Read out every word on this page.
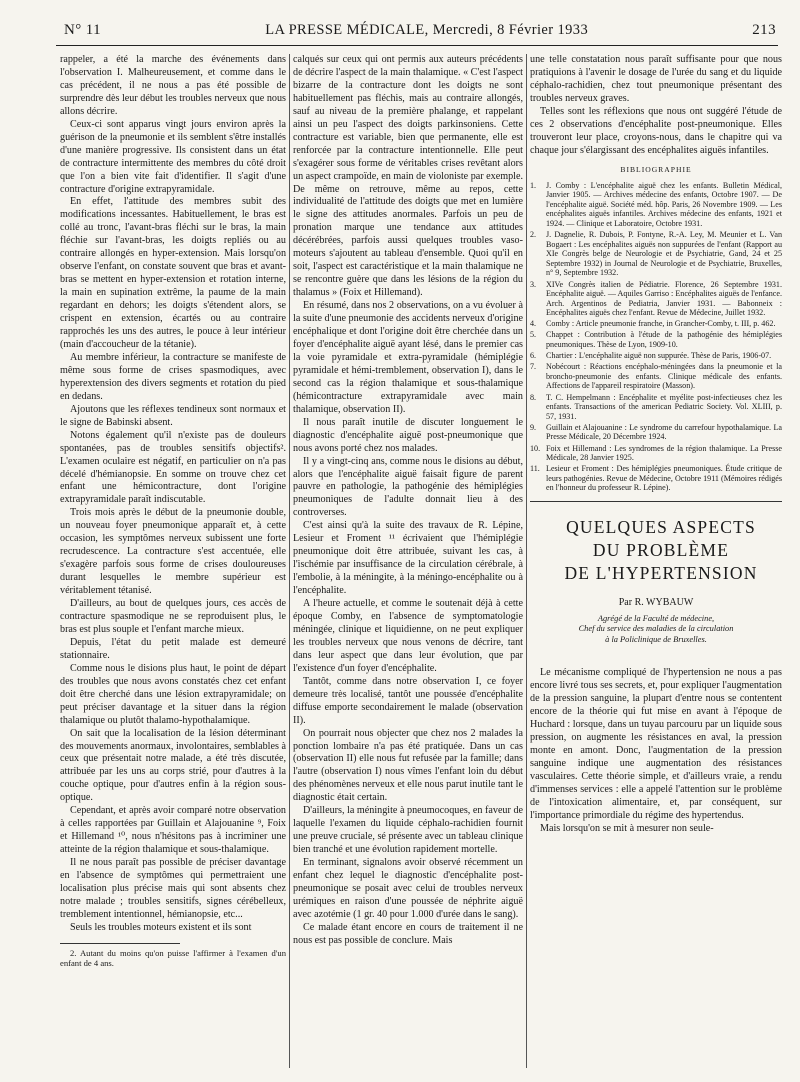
N° 11	LA PRESSE MÉDICALE, Mercredi, 8 Février 1933	213

rappeler, a été la marche des événements dans l'observation I. Malheureusement, et comme dans le cas précédent, il ne nous a pas été possible de surprendre dès leur début les troubles nerveux que nous allons décrire.

Ceux-ci sont apparus vingt jours environ après la guérison de la pneumonie et ils semblent s'être installés d'une manière progressive. Ils consistent dans un état de contracture intermittente des membres du côté droit que l'on a bien vite fait d'identifier. Il s'agit d'une contracture d'origine extrapyramidale.

En effet, l'attitude des membres subit des modifications incessantes. Habituellement, le bras est collé au tronc, l'avant-bras fléchi sur le bras, la main fléchie sur l'avant-bras, les doigts repliés ou au contraire allongés en hyper-extension. Mais lorsqu'on observe l'enfant, on constate souvent que bras et avant-bras se mettent en hyper-extension et rotation interne, la main en supination extrême, la paume de la main regardant en dehors; les doigts s'étendent alors, se crispent en extension, écartés ou au contraire rapprochés les uns des autres, le pouce à leur intérieur (main d'accoucheur de la tétanie).

Au membre inférieur, la contracture se manifeste de même sous forme de crises spasmodiques, avec hyperextension des divers segments et rotation du pied en dedans.

Ajoutons que les réflexes tendineux sont normaux et le signe de Babinski absent.

Notons également qu'il n'existe pas de douleurs spontanées, pas de troubles sensitifs objectifs². L'examen oculaire est négatif, en particulier on n'a pas décelé d'hémianopsie. En somme on trouve chez cet enfant une hémicontracture, dont l'origine extrapyramidale paraît indiscutable.

Trois mois après le début de la pneumonie double, un nouveau foyer pneumonique apparaît et, à cette occasion, les symptômes nerveux subissent une forte recrudescence. La contracture s'est accentuée, elle s'exagère parfois sous forme de crises douloureuses durant lesquelles le membre supérieur est véritablement tétanisé.

D'ailleurs, au bout de quelques jours, ces accès de contracture spasmodique ne se reproduisent plus, le bras est plus souple et l'enfant marche mieux.

Depuis, l'état du petit malade est demeuré stationnaire.

Comme nous le disions plus haut, le point de départ des troubles que nous avons constatés chez cet enfant doit être cherché dans une lésion extrapyramidale; on peut préciser davantage et la situer dans la région thalamique ou plutôt thalamo-hypothalamique.

On sait que la localisation de la lésion déterminant des mouvements anormaux, involontaires, semblables à ceux que présentait notre malade, a été très discutée, attribuée par les uns au corps strié, pour d'autres à la couche optique, pour d'autres enfin à la région sous-optique.

Cependant, et après avoir comparé notre observation à celles rapportées par Guillain et Alajouanine ⁹, Foix et Hillemand ¹⁰, nous n'hésitons pas à incriminer une atteinte de la région thalamique et sous-thalamique.

Il ne nous paraît pas possible de préciser davantage en l'absence de symptômes qui permettraient une localisation plus précise mais qui sont absents chez notre malade ; troubles sensitifs, signes cérébelleux, tremblement intentionnel, hémianopsie, etc...

Seuls les troubles moteurs existent et ils sont

2. Autant du moins qu'on puisse l'affirmer à l'examen d'un enfant de 4 ans.

calqués sur ceux qui ont permis aux auteurs précédents de décrire l'aspect de la main thalamique. « C'est l'aspect bizarre de la contracture dont les doigts ne sont habituellement pas fléchis, mais au contraire allongés, sauf au niveau de la première phalange, et rappelant ainsi un peu l'aspect des doigts parkinsoniens. Cette contracture est variable, bien que permanente, elle est renforcée par la contracture intentionnelle. Elle peut s'exagérer sous forme de véritables crises revêtant alors un aspect crampoïde, en main de violoniste par exemple. De même on retrouve, même au repos, cette individualité de l'attitude des doigts que met en lumière le signe des attitudes anormales. Parfois un peu de pronation marque une tendance aux attitudes décérébrées, parfois aussi quelques troubles vaso-moteurs s'ajoutent au tableau d'ensemble. Quoi qu'il en soit, l'aspect est caractéristique et la main thalamique ne se rencontre guère que dans les lésions de la région du thalamus » (Foix et Hillemand).

En résumé, dans nos 2 observations, on a vu évoluer à la suite d'une pneumonie des accidents nerveux d'origine encéphalique et dont l'origine doit être cherchée dans un foyer d'encéphalite aiguë ayant lésé, dans le premier cas la voie pyramidale et extra-pyramidale (hémiplégie pyramidale et hémi-tremblement, observation I), dans le second cas la région thalamique et sous-thalamique (hémicontracture extrapyramidale avec main thalamique, observation II).

Il nous paraît inutile de discuter longuement le diagnostic d'encéphalite aiguë post-pneumonique que nous avons porté chez nos malades.

Il y a vingt-cinq ans, comme nous le disions au début, alors que l'encéphalite aiguë faisait figure de parent pauvre en pathologie, la pathogénie des hémiplégies pneumoniques de l'adulte donnait lieu à des controverses.

C'est ainsi qu'à la suite des travaux de R. Lépine, Lesieur et Froment ¹¹ écrivaient que l'hémiplégie pneumonique doit être attribuée, suivant les cas, à l'ischémie par insuffisance de la circulation cérébrale, à l'embolie, à la méningite, à la méningo-encéphalite ou à l'encéphalite.

A l'heure actuelle, et comme le soutenait déjà à cette époque Comby, en l'absence de symptomatologie méningée, clinique et liquidienne, on ne peut expliquer les troubles nerveux que nous venons de décrire, tant dans leur aspect que dans leur évolution, que par l'existence d'un foyer d'encéphalite.

Tantôt, comme dans notre observation I, ce foyer demeure très localisé, tantôt une poussée d'encéphalite diffuse emporte secondairement le malade (observation II).

On pourrait nous objecter que chez nos 2 malades la ponction lombaire n'a pas été pratiquée. Dans un cas (observation II) elle nous fut refusée par la famille; dans l'autre (observation I) nous vîmes l'enfant loin du début des phénomènes nerveux et elle nous parut inutile tant le diagnostic était certain.

D'ailleurs, la méningite à pneumocoques, en faveur de laquelle l'examen du liquide céphalo-rachidien fournit une preuve cruciale, sé présente avec un tableau clinique bien tranché et une évolution rapidement mortelle.

En terminant, signalons avoir observé récemment un enfant chez lequel le diagnostic d'encéphalite post-pneumonique se posait avec celui de troubles nerveux urémiques en raison d'une poussée de néphrite aiguë avec azotémie (1 gr. 40 pour 1.000 d'urée dans le sang).

Ce malade étant encore en cours de traitement il ne nous est pas possible de conclure. Mais

une telle constatation nous paraît suffisante pour que nous pratiquions à l'avenir le dosage de l'urée du sang et du liquide céphalo-rachidien, chez tout pneumonique présentant des troubles nerveux graves.

Telles sont les réflexions que nous ont suggéré l'étude de ces 2 observations d'encéphalite post-pneumonique. Elles trouveront leur place, croyons-nous, dans le chapitre qui va chaque jour s'élargissant des encéphalites aiguës infantiles.

BIBLIOGRAPHIE
1.	J. Comby : L'encéphalite aiguë chez les enfants. Bulletin Médical, Janvier 1905. — Archives médecine des enfants, Octobre 1907. — De l'encéphalite aiguë. Société méd. hôp. Paris, 26 Novembre 1909. — Les encéphalites aiguës infantiles. Archives médecine des enfants, 1921 et 1924. — Clinique et Laboratoire, Octobre 1931.
2.	J. Dagnelie, R. Dubois, P. Fontyne, R.-A. Ley, M. Meunier et L. Van Bogaert : Les encéphalites aiguës non suppurées de l'enfant (Rapport au XIe Congrès belge de Neurologie et de Psychiatrie, Gand, 24 et 25 Septembre 1932) in Journal de Neurologie et de Psychiatrie, Bruxelles, n° 9, Septembre 1932.
3.	XIVe Congrès italien de Pédiatrie. Florence, 26 Septembre 1931. Encéphalite aiguë. — Aquiles Garriso : Encéphalites aiguës de l'enfance. Arch. Argentinos de Pediatria, Janvier 1931. — Babonneix : Encéphalites aiguës chez l'enfant. Revue de Médecine, Juillet 1932.
4.	Comby : Article pneumonie franche, in Grancher-Comby, t. III, p. 462.
5.	Chappet : Contribution à l'étude de la pathogénie des hémiplégies pneumoniques. Thèse de Lyon, 1909-10.
6.	Chartier : L'encéphalite aiguë non suppurée. Thèse de Paris, 1906-07.
7.	Nobécourt : Réactions encéphalo-méningées dans la pneumonie et la broncho-pneumonie des enfants. Clinique médicale des enfants. Affections de l'appareil respiratoire (Masson).
8.	T. C. Hempelmann : Encéphalite et myélite post-infectieuses chez les enfants. Transactions of the american Pediatric Society. Vol. XLIII, p. 57, 1931.
9.	Guillain et Alajouanine : Le syndrome du carrefour hypothalamique. La Presse Médicale, 20 Décembre 1924.
10. Foix et Hillemand : Les syndromes de la région thalamique. La Presse Médicale, 28 Janvier 1925.
11. Lesieur et Froment : Des hémiplégies pneumoniques. Étude critique de leurs pathogénies. Revue de Médecine, Octobre 1911 (Mémoires rédigés en l'honneur du professeur R. Lépine).

QUELQUES ASPECTS

DU PROBLÈME

DE L'HYPERTENSION

Par R. WYBAUW
Agrégé de la Faculté de médecine,
Chef du service des maladies de la circulation
à la Policlinique de Bruxelles.

Le mécanisme compliqué de l'hypertension ne nous a pas encore livré tous ses secrets, et, pour expliquer l'augmentation de la pression sanguine, la plupart d'entre nous se contentent encore de la théorie qui fut mise en avant à l'époque de Huchard : lorsque, dans un tuyau parcouru par un liquide sous pression, on augmente les résistances en aval, la pression monte en amont. Donc, l'augmentation de la pression sanguine indique une augmentation des résistances vasculaires. Cette théorie simple, et d'ailleurs vraie, a rendu d'immenses services : elle a appelé l'attention sur le problème de l'intoxication alimentaire, et, par conséquent, sur l'importance primordiale du régime des hypertendus.

Mais lorsqu'on se mit à mesurer non seule-
